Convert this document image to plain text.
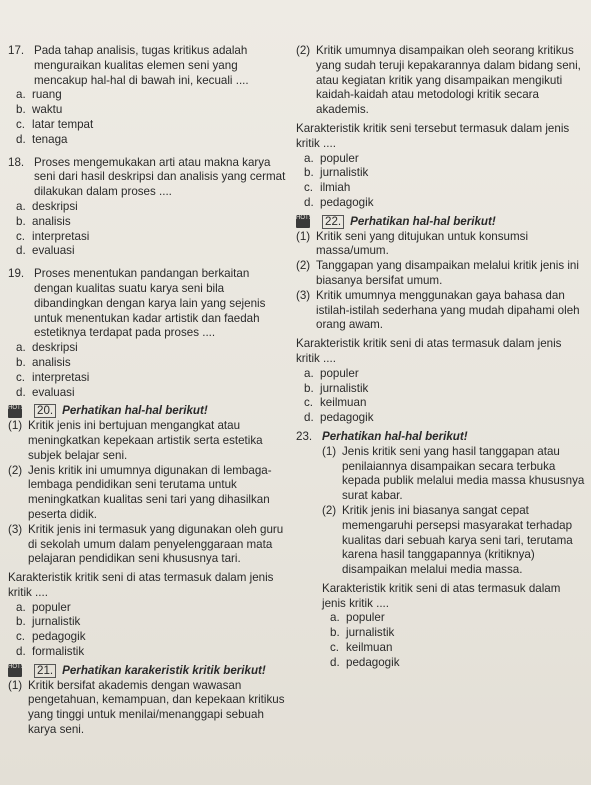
17. Pada tahap analisis, tugas kritikus adalah menguraikan kualitas elemen seni yang mencakup hal-hal di bawah ini, kecuali ....
a. ruang
b. waktu
c. latar tempat
d. tenaga
18. Proses mengemukakan arti atau makna karya seni dari hasil deskripsi dan analisis yang cermat dilakukan dalam proses ....
a. deskripsi
b. analisis
c. interpretasi
d. evaluasi
19. Proses menentukan pandangan berkaitan dengan kualitas suatu karya seni bila dibandingkan dengan karya lain yang sejenis untuk menentukan kadar artistik dan faedah estetiknya terdapat pada proses ....
a. deskripsi
b. analisis
c. interpretasi
d. evaluasi
HOTS	20. Perhatikan hal-hal berikut!
(1) Kritik jenis ini bertujuan mengangkat atau meningkatkan kepekaan artistik serta estetika subjek belajar seni.
(2) Jenis kritik ini umumnya digunakan di lembaga-lembaga pendidikan seni terutama untuk meningkatkan kualitas seni tari yang dihasilkan peserta didik.
(3) Kritik jenis ini termasuk yang digunakan oleh guru di sekolah umum dalam penyelenggaraan mata pelajaran pendidikan seni khususnya tari.
Karakteristik kritik seni di atas termasuk dalam jenis kritik ....
a. populer
b. jurnalistik
c. pedagogik
d. formalistik
HOTS	21. Perhatikan karakeristik kritik berikut!
(1) Kritik bersifat akademis dengan wawasan pengetahuan, kemampuan, dan kepekaan kritikus yang tinggi untuk menilai/menanggapi sebuah karya seni.
(2) Kritik umumnya disampaikan oleh seorang kritikus yang sudah teruji kepakarannya dalam bidang seni, atau kegiatan kritik yang disampaikan mengikuti kaidah-kaidah atau metodologi kritik secara akademis.
Karakteristik kritik seni tersebut termasuk dalam jenis kritik ....
a. populer
b. jurnalistik
c. ilmiah
d. pedagogik
HOTS	22. Perhatikan hal-hal berikut!
(1) Kritik seni yang ditujukan untuk konsumsi massa/umum.
(2) Tanggapan yang disampaikan melalui kritik jenis ini biasanya bersifat umum.
(3) Kritik umumnya menggunakan gaya bahasa dan istilah-istilah sederhana yang mudah dipahami oleh orang awam.
Karakteristik kritik seni di atas termasuk dalam jenis kritik ....
a. populer
b. jurnalistik
c. keilmuan
d. pedagogik
23. Perhatikan hal-hal berikut!
(1) Jenis kritik seni yang hasil tanggapan atau penilaiannya disampaikan secara terbuka kepada publik melalui media massa khususnya surat kabar.
(2) Kritik jenis ini biasanya sangat cepat memengaruhi persepsi masyarakat terhadap kualitas dari sebuah karya seni tari, terutama karena hasil tanggapannya (kritiknya) disampaikan melalui media massa.
Karakteristik kritik seni di atas termasuk dalam jenis kritik ....
a. populer
b. jurnalistik
c. keilmuan
d. pedagogik
